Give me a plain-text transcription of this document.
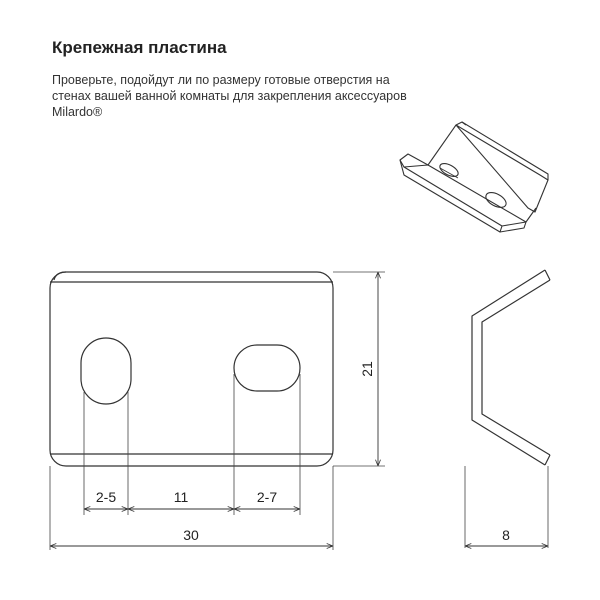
Крепежная пластина
Проверьте, подойдут ли по размеру готовые отверстия на стенах вашей ванной комнаты для закрепления аксессуаров Milardo®
2-5	11	2-7
30
21
8
